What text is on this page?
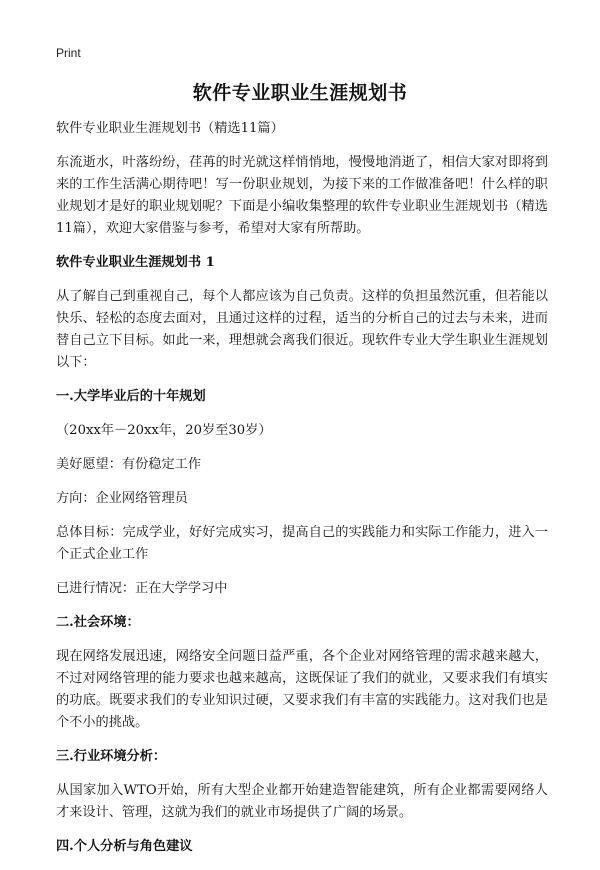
Print
软件专业职业生涯规划书

软件专业职业生涯规划书（精选11篇）

东流逝水，叶落纷纷，荏苒的时光就这样悄悄地，慢慢地消逝了，相信大家对即将到来的工作生活满心期待吧！写一份职业规划，为接下来的工作做准备吧！什么样的职业规划才是好的职业规划呢？下面是小编收集整理的软件专业职业生涯规划书（精选11篇），欢迎大家借鉴与参考，希望对大家有所帮助。

软件专业职业生涯规划书 1

从了解自己到重视自己，每个人都应该为自己负责。这样的负担虽然沉重，但若能以快乐、轻松的态度去面对，且通过这样的过程，适当的分析自己的过去与未来，进而替自己立下目标。如此一来，理想就会离我们很近。现软件专业大学生职业生涯规划以下：

一.大学毕业后的十年规划

（20xx年－20xx年，20岁至30岁）

美好愿望：有份稳定工作

方向：企业网络管理员

总体目标：完成学业，好好完成实习，提高自己的实践能力和实际工作能力，进入一个正式企业工作

已进行情况：正在大学学习中

二.社会环境：

现在网络发展迅速，网络安全问题日益严重，各个企业对网络管理的需求越来越大，不过对网络管理的能力要求也越来越高，这既保证了我们的就业，又要求我们有填实的功底。既要求我们的专业知识过硬，又要求我们有丰富的实践能力。这对我们也是个不小的挑战。

三.行业环境分析：

从国家加入WTO开始，所有大型企业都开始建造智能建筑，所有企业都需要网络人才来设计、管理，这就为我们的就业市场提供了广阔的场景。

四.个人分析与角色建议
